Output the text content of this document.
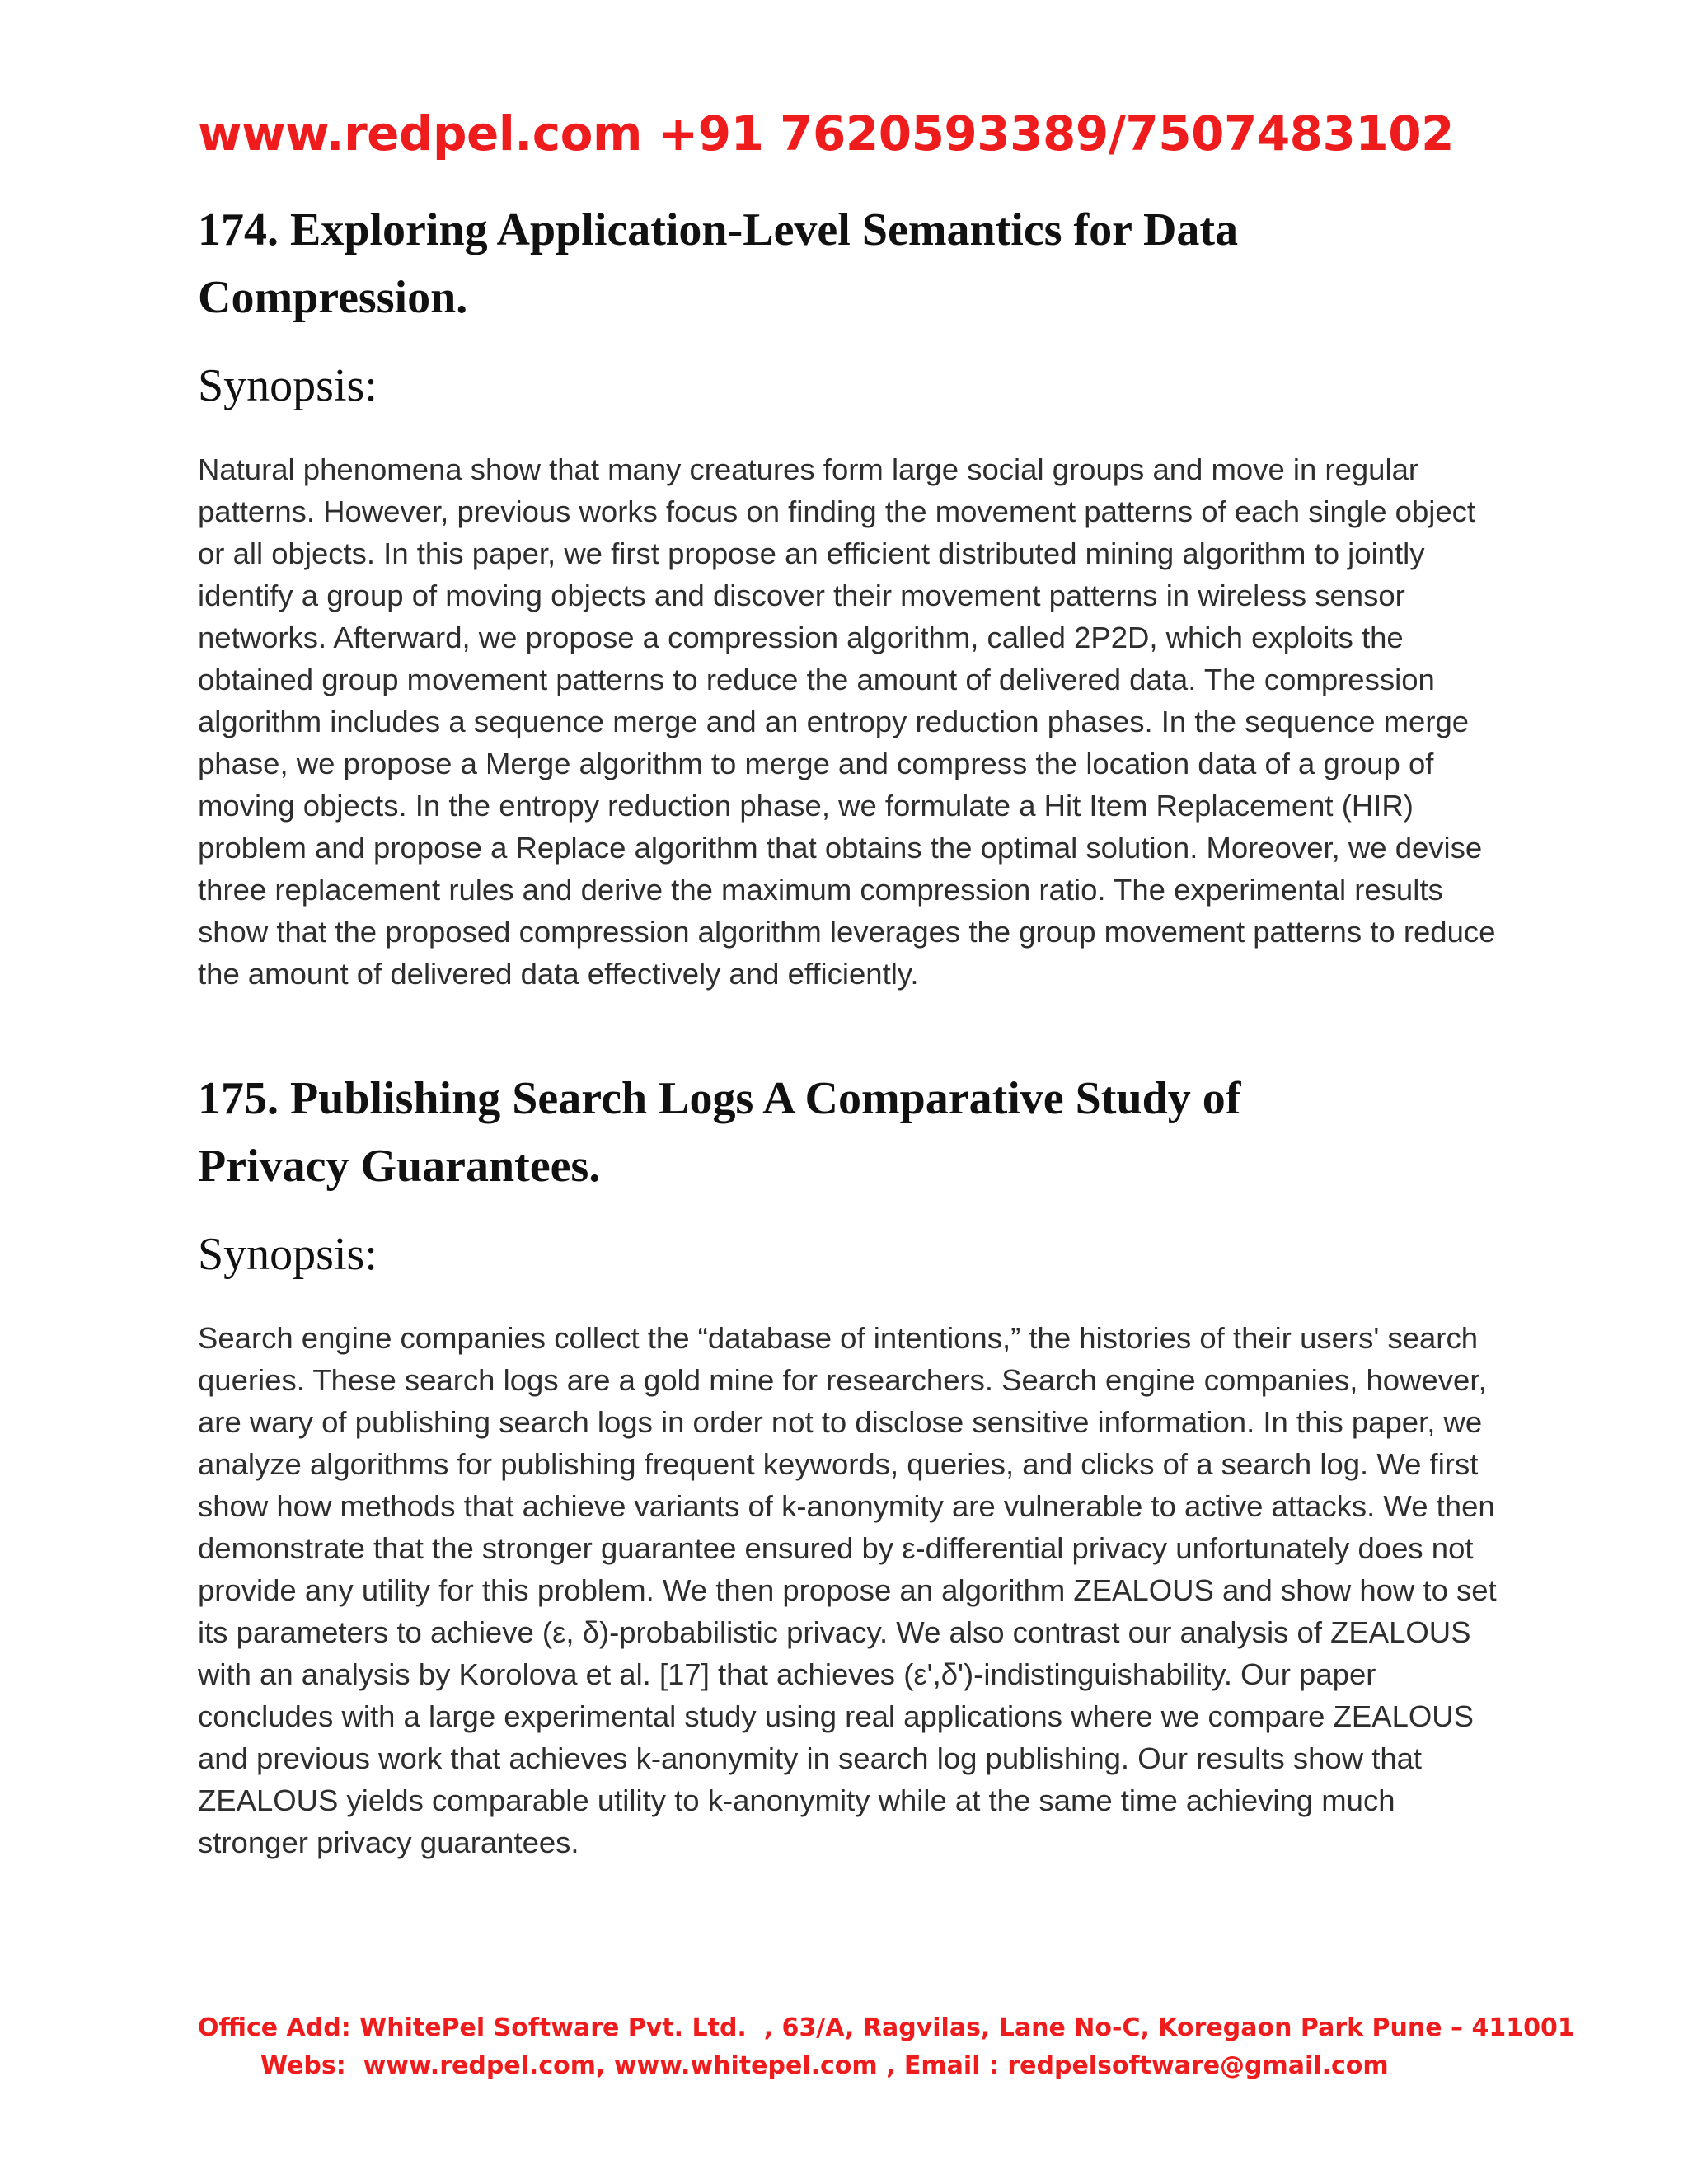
www.redpel.com +91 7620593389/7507483102
174. Exploring Application-Level Semantics for Data
Compression.
Synopsis:

Natural phenomena show that many creatures form large social groups and move in regular patterns. However, previous works focus on finding the movement patterns of each single object or all objects. In this paper, we first propose an efficient distributed mining algorithm to jointly identify a group of moving objects and discover their movement patterns in wireless sensor networks. Afterward, we propose a compression algorithm, called 2P2D, which exploits the obtained group movement patterns to reduce the amount of delivered data. The compression algorithm includes a sequence merge and an entropy reduction phases. In the sequence merge phase, we propose a Merge algorithm to merge and compress the location data of a group of moving objects. In the entropy reduction phase, we formulate a Hit Item Replacement (HIR) problem and propose a Replace algorithm that obtains the optimal solution. Moreover, we devise three replacement rules and derive the maximum compression ratio. The experimental results show that the proposed compression algorithm leverages the group movement patterns to reduce the amount of delivered data effectively and efficiently.

175. Publishing Search Logs A Comparative Study of
Privacy Guarantees.
Synopsis:

Search engine companies collect the “database of intentions,” the histories of their users' search queries. These search logs are a gold mine for researchers. Search engine companies, however, are wary of publishing search logs in order not to disclose sensitive information. In this paper, we analyze algorithms for publishing frequent keywords, queries, and clicks of a search log. We first show how methods that achieve variants of k-anonymity are vulnerable to active attacks. We then demonstrate that the stronger guarantee ensured by ε-differential privacy unfortunately does not provide any utility for this problem. We then propose an algorithm ZEALOUS and show how to set its parameters to achieve (ε, δ)-probabilistic privacy. We also contrast our analysis of ZEALOUS with an analysis by Korolova et al. [17] that achieves (ε',δ')-indistinguishability. Our paper concludes with a large experimental study using real applications where we compare ZEALOUS and previous work that achieves k-anonymity in search log publishing. Our results show that ZEALOUS yields comparable utility to k-anonymity while at the same time achieving much stronger privacy guarantees.

Office Add: WhitePel Software Pvt. Ltd.  , 63/A, Ragvilas, Lane No-C, Koregaon Park Pune – 411001
Webs:  www.redpel.com, www.whitepel.com , Email : redpelsoftware@gmail.com
